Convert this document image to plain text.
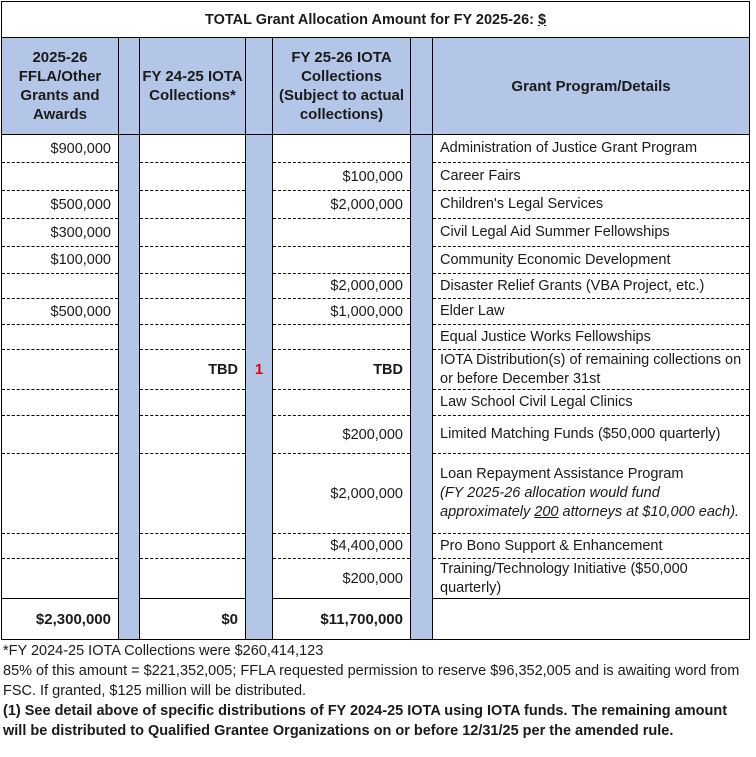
TOTAL Grant Allocation Amount for FY 2025-26: $						
2025-26 FFLA/Other Grants and Awards		FY 24-25 IOTA Collections*		FY 25-26 IOTA Collections (Subject to actual collections)		Grant Program/Details
$900,000						Administration of Justice Grant Program
				$100,000		Career Fairs
$500,000				$2,000,000		Children's Legal Services
$300,000						Civil Legal Aid Summer Fellowships
$100,000						Community Economic Development
				$2,000,000		Disaster Relief Grants (VBA Project, etc.)
$500,000				$1,000,000		Elder Law
						Equal Justice Works Fellowships
		TBD	1	TBD		IOTA Distribution(s) of remaining collections on or before December 31st
						Law School Civil Legal Clinics
				$200,000		Limited Matching Funds ($50,000 quarterly)
				$2,000,000		Loan Repayment Assistance Program
(FY 2025-26 allocation would fund approximately 200 attorneys at $10,000 each).
				$4,400,000		Pro Bono Support & Enhancement
				$200,000		Training/Technology Initiative ($50,000 quarterly)
$2,300,000		$0		$11,700,000		
*FY 2024-25 IOTA Collections were $260,414,123
85% of this amount = $221,352,005; FFLA requested permission to reserve $96,352,005 and is awaiting word from FSC. If granted, $125 million will be distributed.
(1) See detail above of specific distributions of FY 2024-25 IOTA using IOTA funds. The remaining amount will be distributed to Qualified Grantee Organizations on or before 12/31/25 per the amended rule.
